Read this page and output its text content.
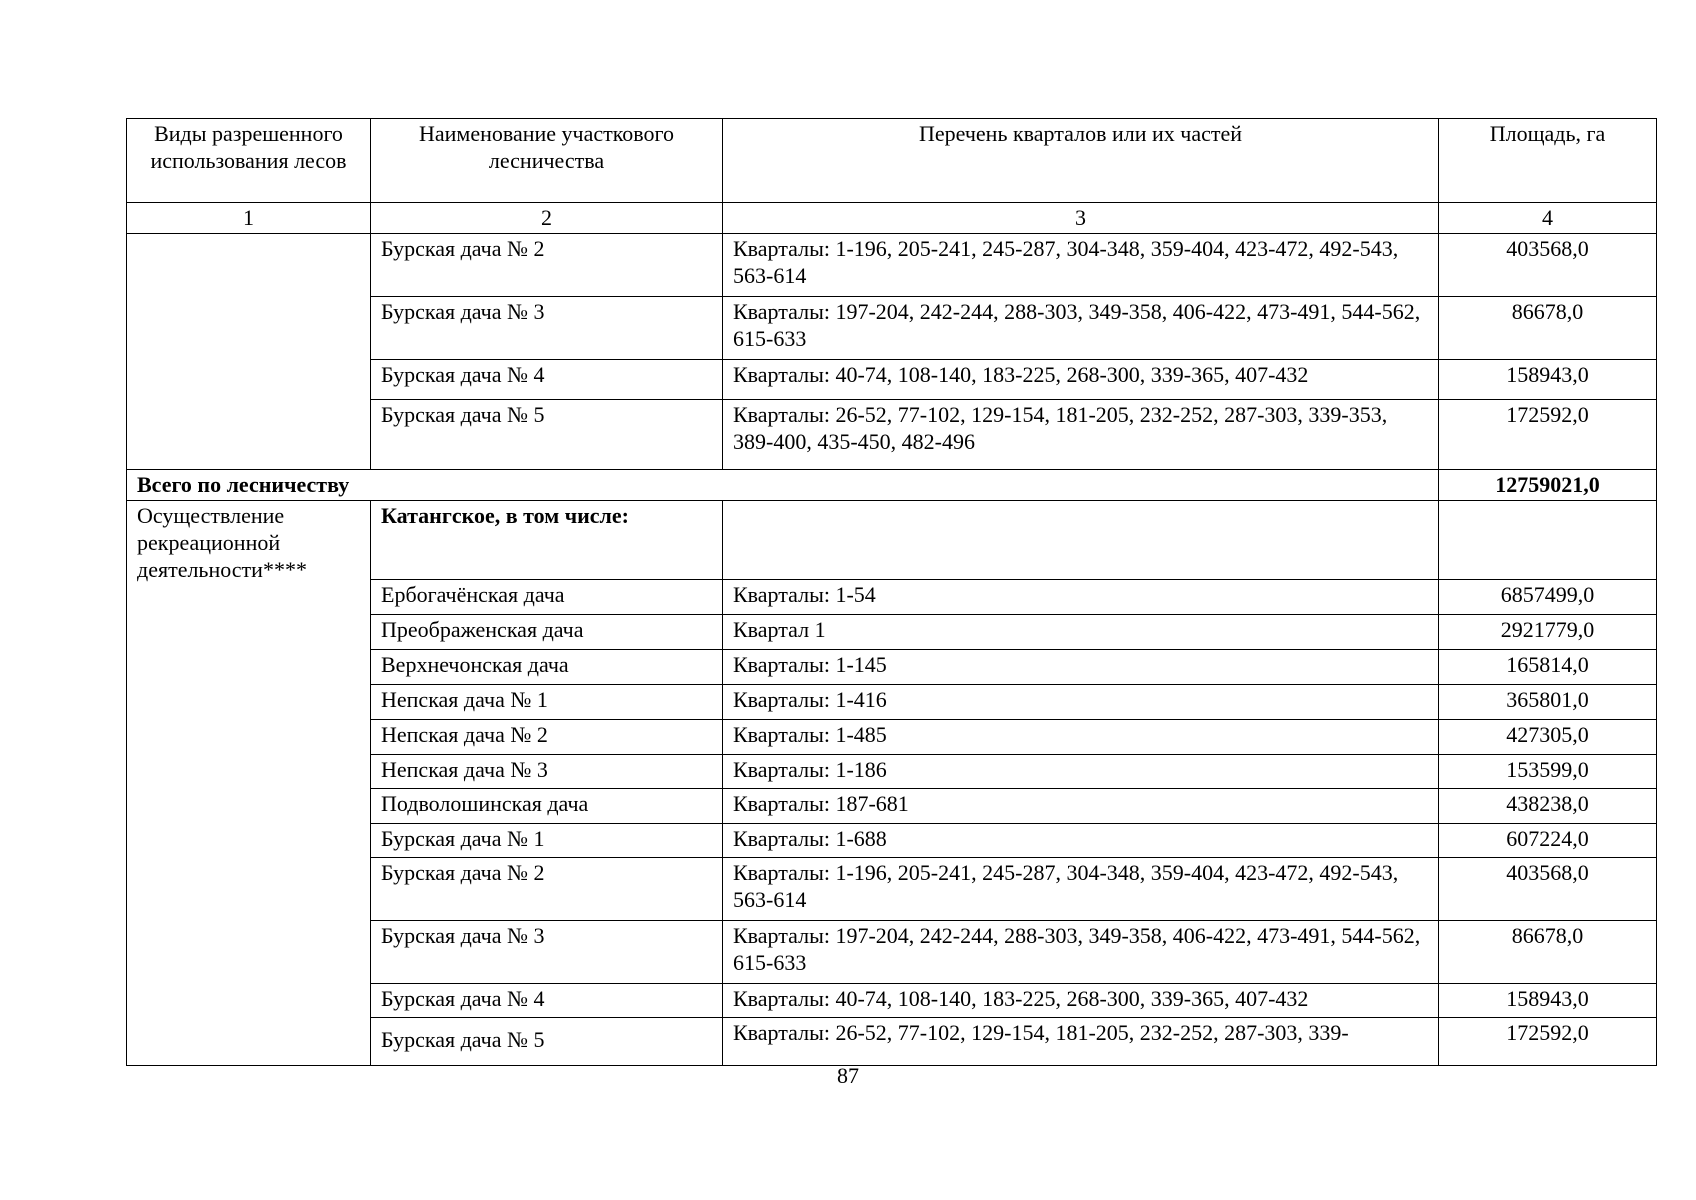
Виды разрешенного использования лесов	Наименование участкового лесничества	Перечень кварталов или их частей	Площадь, га
1	2	3	4
	Бурская дача № 2	Кварталы: 1-196, 205-241, 245-287, 304-348, 359-404, 423-472, 492-543, 563-614	403568,0
	Бурская дача № 3	Кварталы: 197-204, 242-244, 288-303, 349-358, 406-422, 473-491, 544-562, 615-633	86678,0
	Бурская дача № 4	Кварталы: 40-74, 108-140, 183-225, 268-300, 339-365, 407-432	158943,0
	Бурская дача № 5	Кварталы: 26-52, 77-102, 129-154, 181-205, 232-252, 287-303, 339-353, 389-400, 435-450, 482-496	172592,0
Всего по лесничеству			12759021,0
Осуществление рекреационной деятельности****	Катангское, в том числе:		
	Ербогачёнская дача	Кварталы: 1-54	6857499,0
	Преображенская дача	Квартал 1	2921779,0
	Верхнечонская дача	Кварталы: 1-145	165814,0
	Непская дача № 1	Кварталы: 1-416	365801,0
	Непская дача № 2	Кварталы: 1-485	427305,0
	Непская дача № 3	Кварталы: 1-186	153599,0
	Подволошинская дача	Кварталы: 187-681	438238,0
	Бурская дача № 1	Кварталы: 1-688	607224,0
	Бурская дача № 2	Кварталы: 1-196, 205-241, 245-287, 304-348, 359-404, 423-472, 492-543, 563-614	403568,0
	Бурская дача № 3	Кварталы: 197-204, 242-244, 288-303, 349-358, 406-422, 473-491, 544-562, 615-633	86678,0
	Бурская дача № 4	Кварталы: 40-74, 108-140, 183-225, 268-300, 339-365, 407-432	158943,0
	Бурская дача № 5	Кварталы: 26-52, 77-102, 129-154, 181-205, 232-252, 287-303, 339-	172592,0
87
